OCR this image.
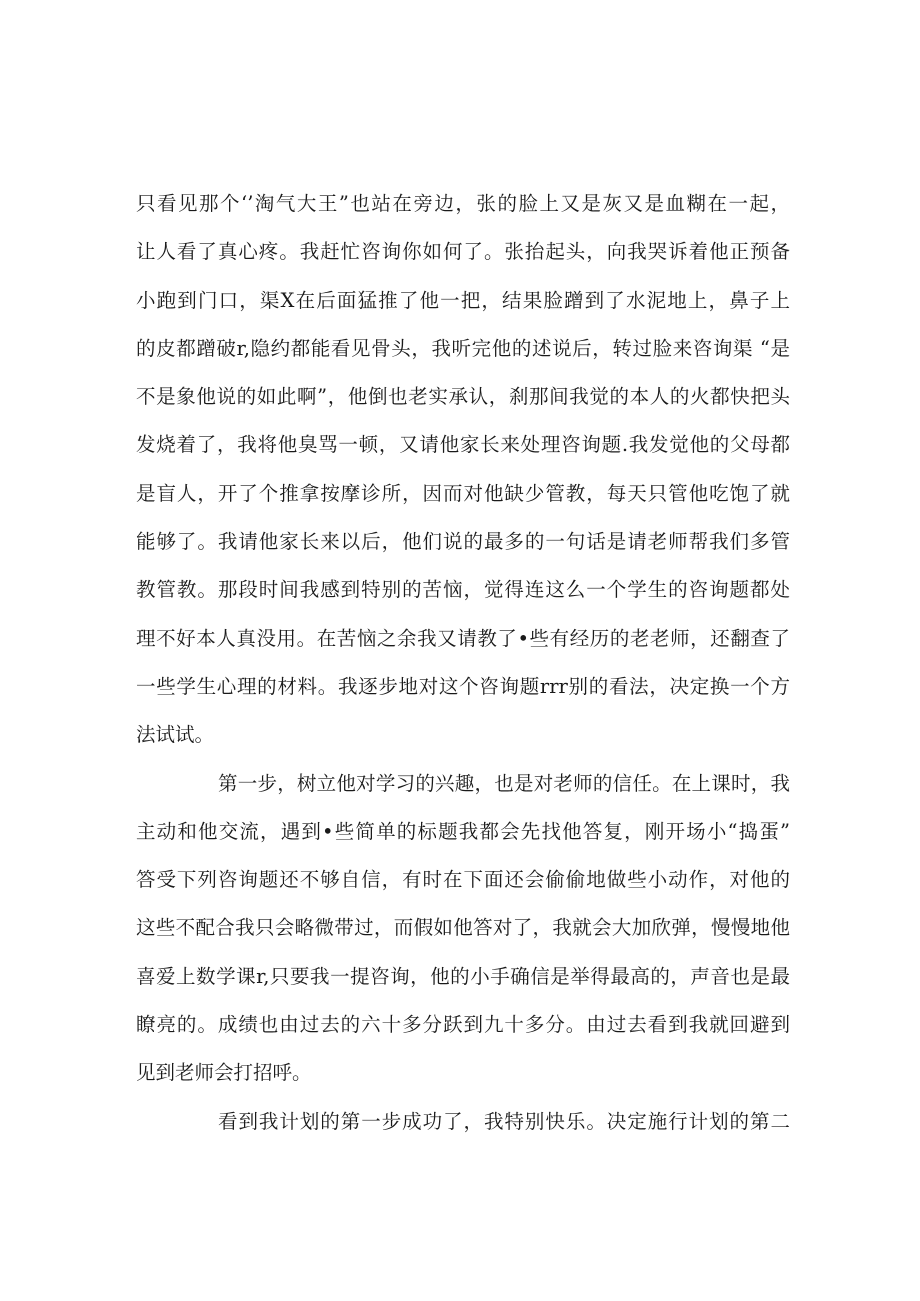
只看见那个‘’淘气大王”也站在旁边，张的脸上又是灰又是血糊在一起，
让人看了真心疼。我赶忙咨询你如何了。张抬起头，向我哭诉着他正预备
小跑到门口，渠X在后面猛推了他一把，结果脸蹭到了水泥地上，鼻子上
的皮都蹭破r,隐约都能看见骨头，我听完他的述说后，转过脸来咨询渠 “是
不是象他说的如此啊”，他倒也老实承认，刹那间我觉的本人的火都快把头
发烧着了，我将他臭骂一顿，又请他家长来处理咨询题.我发觉他的父母都
是盲人，开了个推拿按摩诊所，因而对他缺少管教，每天只管他吃饱了就
能够了。我请他家长来以后，他们说的最多的一句话是请老师帮我们多管
教管教。那段时间我感到特别的苦恼，觉得连这么一个学生的咨询题都处
理不好本人真没用。在苦恼之余我又请教了•些有经历的老老师，还翻查了
一些学生心理的材料。我逐步地对这个咨询题rrr别的看法，决定换一个方
法试试。
第一步，树立他对学习的兴趣，也是对老师的信任。在上课时，我
主动和他交流，遇到•些简单的标题我都会先找他答复，刚开场小“捣蛋”
答受下列咨询题还不够自信，有时在下面还会偷偷地做些小动作，对他的
这些不配合我只会略微带过，而假如他答对了，我就会大加欣弹，慢慢地他
喜爱上数学课r,只要我一提咨询，他的小手确信是举得最高的，声音也是最
瞭亮的。成绩也由过去的六十多分跃到九十多分。由过去看到我就回避到
见到老师会打招呼。
看到我计划的第一步成功了，我特别快乐。决定施行计划的第二
